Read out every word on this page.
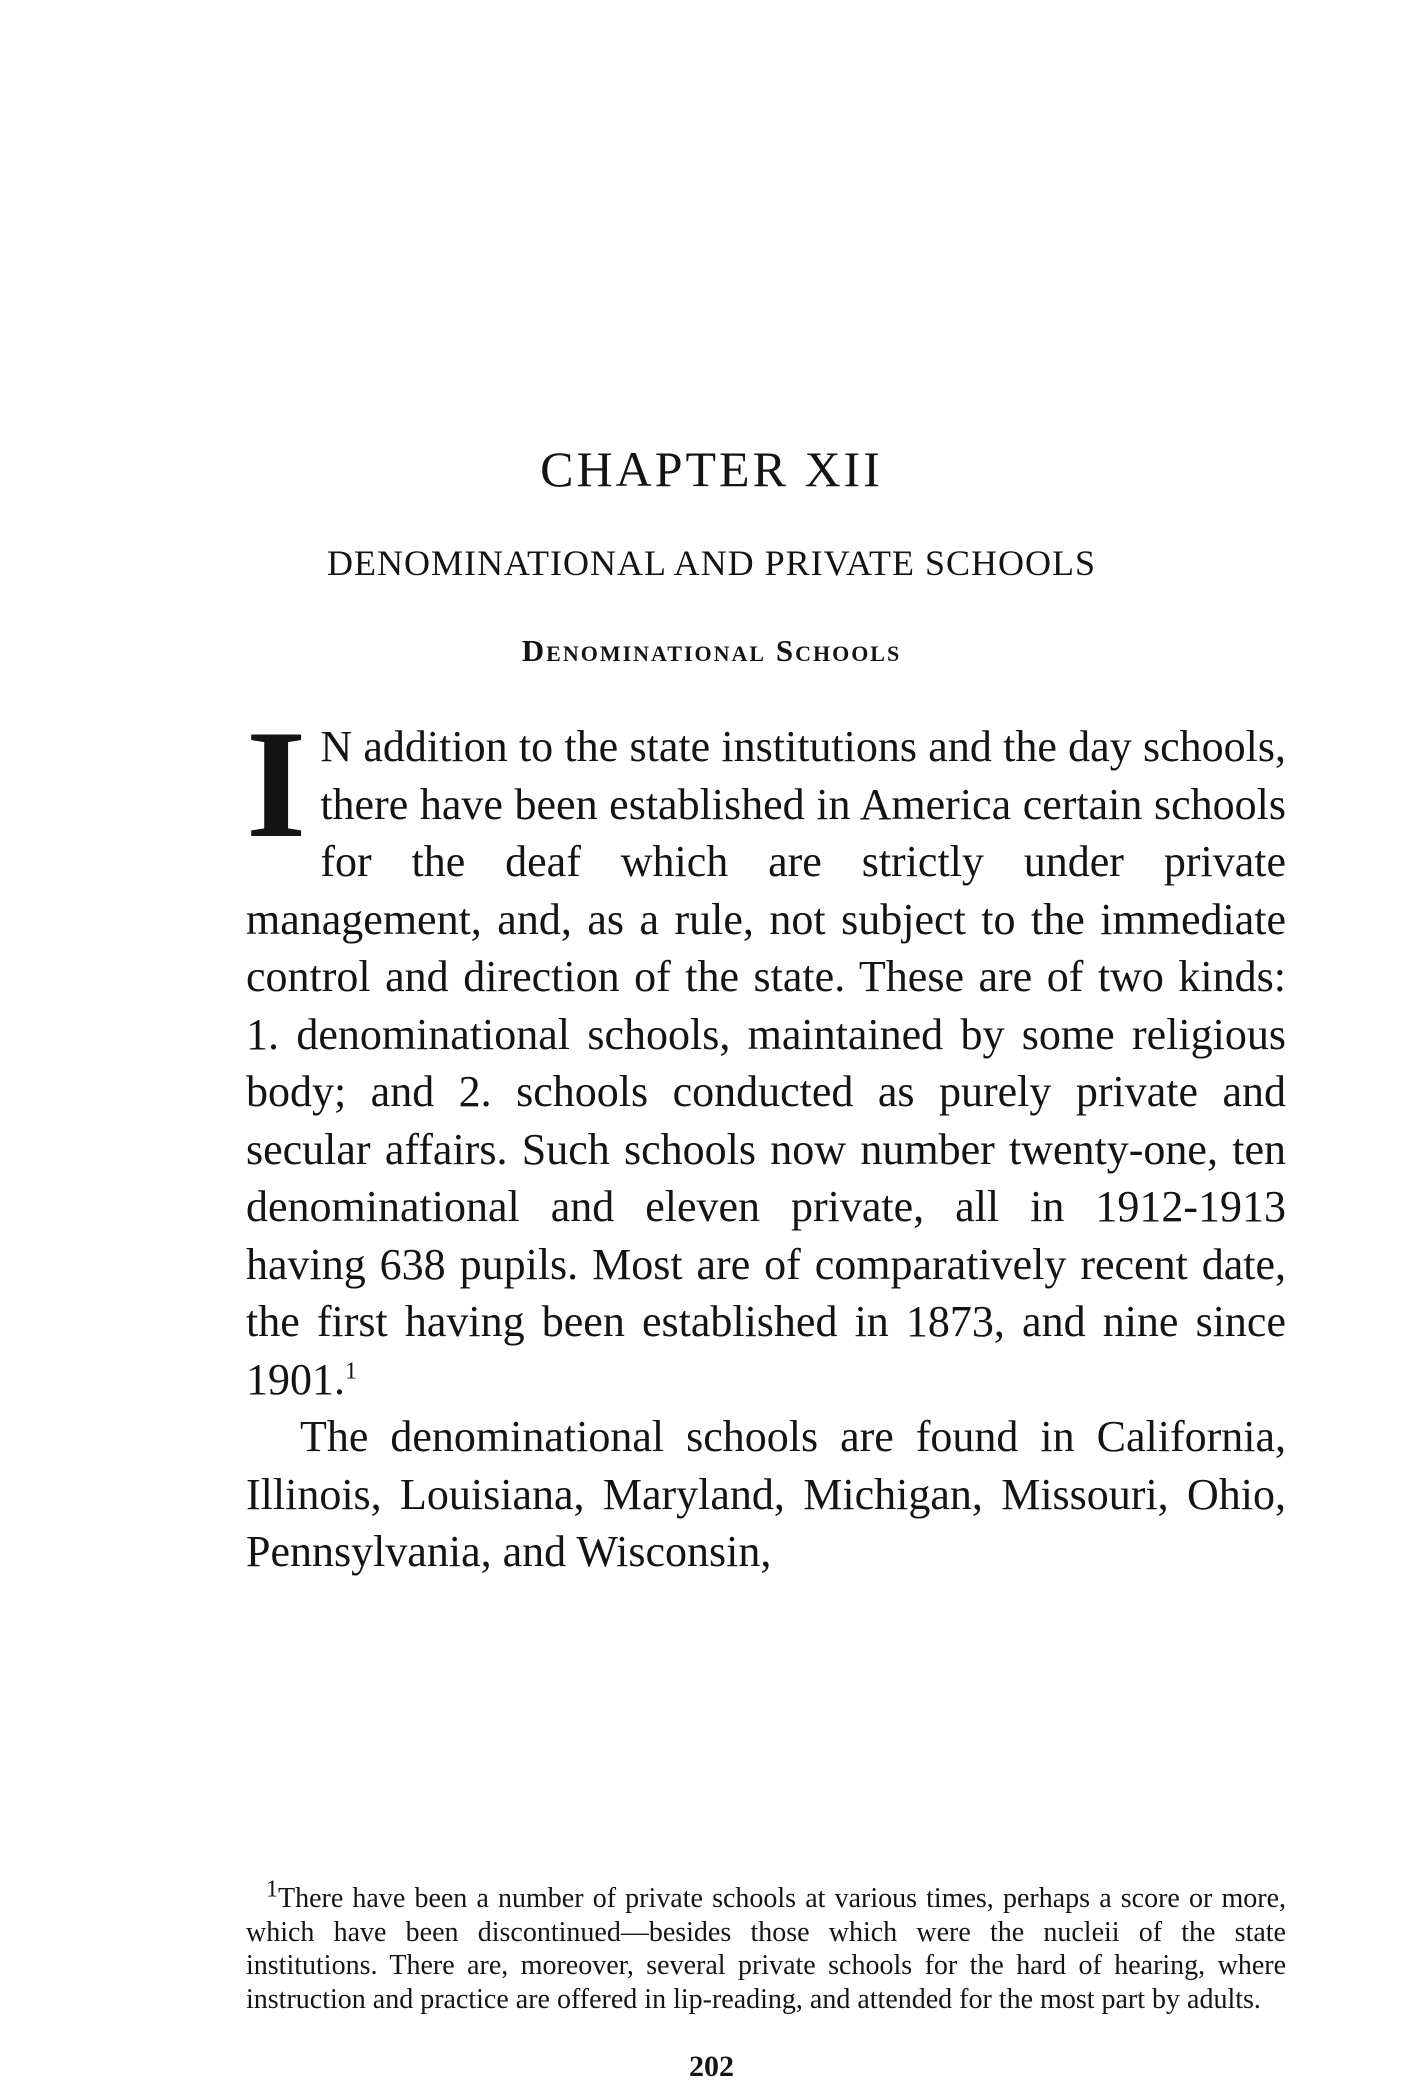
CHAPTER XII
DENOMINATIONAL AND PRIVATE SCHOOLS
Denominational Schools

I N addition to the state institutions and the day schools, there have been established in America certain schools for the deaf which are strictly under private management, and, as a rule, not subject to the immediate control and direction of the state. These are of two kinds: 1. denominational schools, maintained by some religious body; and 2. schools conducted as purely private and secular affairs. Such schools now number twenty-one, ten denominational and eleven private, all in 1912-1913 having 638 pupils. Most are of comparatively recent date, the first having been established in 1873, and nine since 1901.$^1$

The denominational schools are found in California, Illinois, Louisiana, Maryland, Michigan, Missouri, Ohio, Pennsylvania, and Wisconsin,

$^1$There have been a number of private schools at various times, perhaps a score or more, which have been discontinued—besides those which were the nucleii of the state institutions. There are, moreover, several private schools for the hard of hearing, where instruction and practice are offered in lip-reading, and attended for the most part by adults.

202
